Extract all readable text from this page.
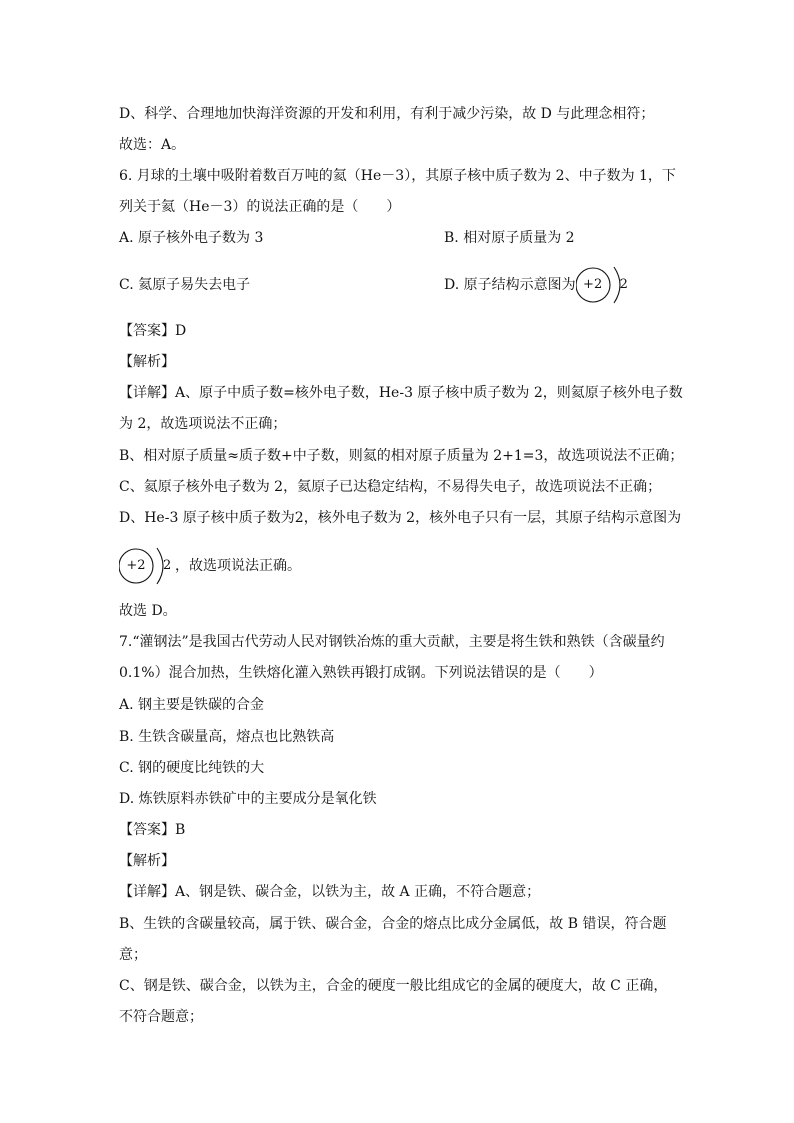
D、科学、合理地加快海洋资源的开发和利用，有利于减少污染，故 D 与此理念相符；
故选：A。
6. 月球的土壤中吸附着数百万吨的氦（He－3），其原子核中质子数为 2、中子数为 1，下
列关于氦（He－3）的说法正确的是（　　）
A. 原子核外电子数为 3	B. 相对原子质量为 2
C. 氦原子易失去电子	D. 原子结构示意图为 +2	2
【答案】D
【解析】
【详解】A、原子中质子数=核外电子数，He-3 原子核中质子数为 2，则氦原子核外电子数
为 2，故选项说法不正确；
B、相对原子质量≈质子数+中子数，则氦的相对原子质量为 2+1=3，故选项说法不正确；
C、氦原子核外电子数为 2，氦原子已达稳定结构，不易得失电子，故选项说法不正确；
D、He-3 原子核中质子数为2，核外电子数为 2，核外电子只有一层，其原子结构示意图为
+2	2 ，故选项说法正确。
故选 D。
7.“灌钢法”是我国古代劳动人民对钢铁冶炼的重大贡献，主要是将生铁和熟铁（含碳量约
0.1%）混合加热，生铁熔化灌入熟铁再锻打成钢。下列说法错误的是（　　）
A. 钢主要是铁碳的合金
B. 生铁含碳量高，熔点也比熟铁高
C. 钢的硬度比纯铁的大
D. 炼铁原料赤铁矿中的主要成分是氧化铁
【答案】B
【解析】
【详解】A、钢是铁、碳合金，以铁为主，故 A 正确，不符合题意；
B、生铁的含碳量较高，属于铁、碳合金，合金的熔点比成分金属低，故 B 错误，符合题
意；
C、钢是铁、碳合金，以铁为主，合金的硬度一般比组成它的金属的硬度大，故 C 正确，
不符合题意；
